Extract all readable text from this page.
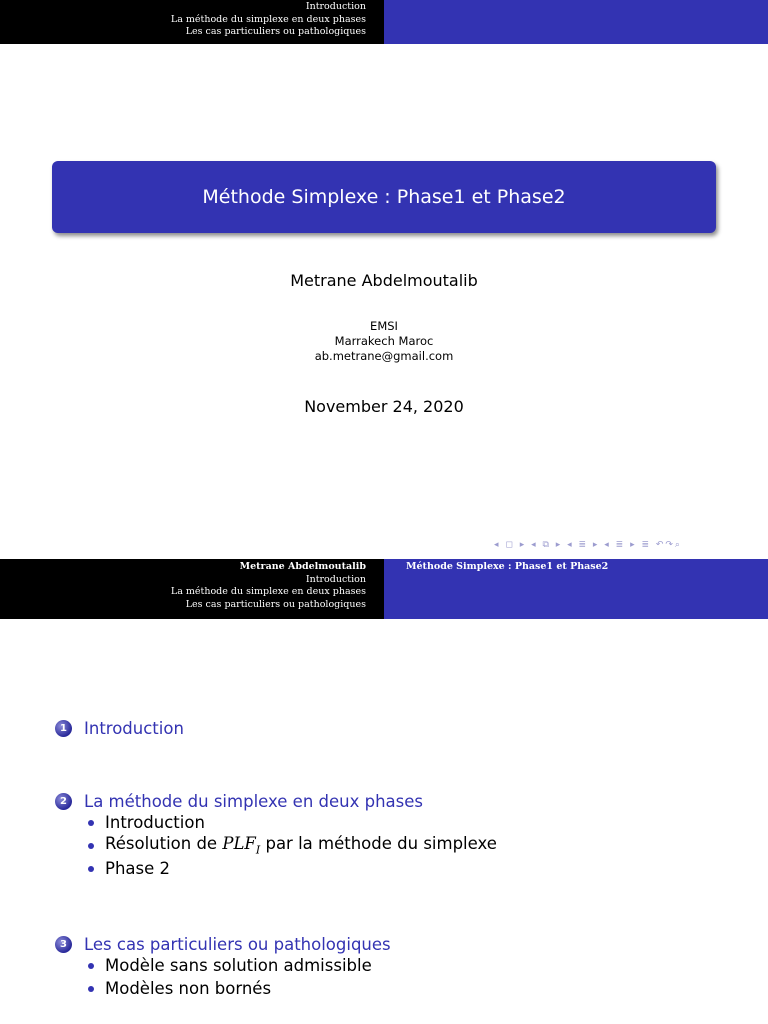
Introduction
La méthode du simplexe en deux phases
Les cas particuliers ou pathologiques
Méthode Simplexe : Phase1 et Phase2
Metrane Abdelmoutalib
EMSI
Marrakech Maroc
ab.metrane@gmail.com
November 24, 2020
◂ ◻ ▸ ◂ ⧉ ▸ ◂ ≣ ▸ ◂ ≣ ▸ ≣ ↶↷⌕
Metrane Abdelmoutalib
Introduction
La méthode du simplexe en deux phases
Les cas particuliers ou pathologiques
Méthode Simplexe : Phase1 et Phase2
1	Introduction
2	La méthode du simplexe en deux phases
Introduction
Résolution de $PLF_I$ par la méthode du simplexe
Phase 2
3	Les cas particuliers ou pathologiques
Modèle sans solution admissible
Modèles non bornés
